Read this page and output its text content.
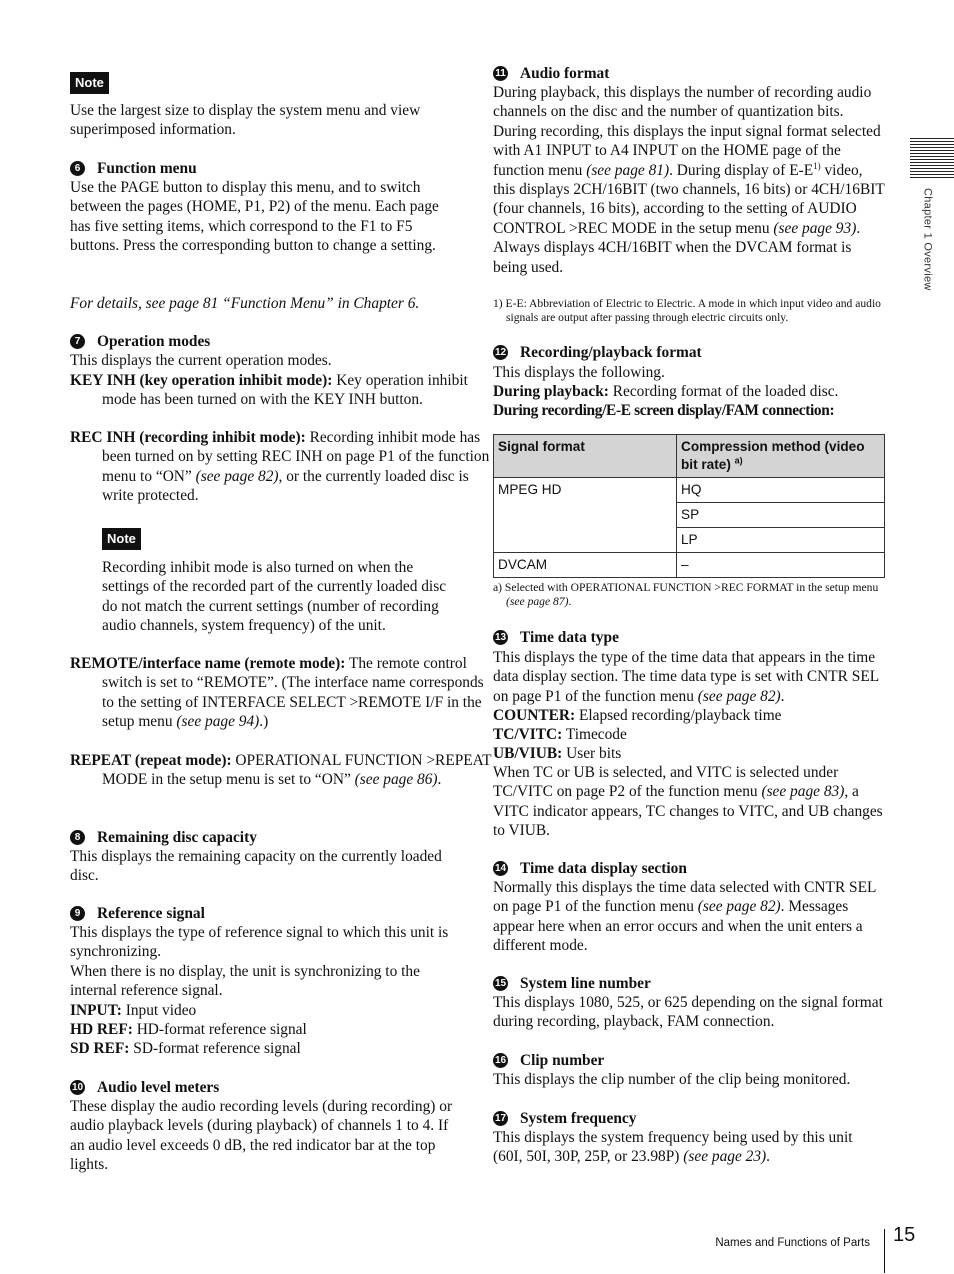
Chapter 1 Overview
Note

Use the largest size to display the system menu and view superimposed information.

6	Function menu

Use the PAGE button to display this menu, and to switch between the pages (HOME, P1, P2) of the menu. Each page has five setting items, which correspond to the F1 to F5 buttons. Press the corresponding button to change a setting.

For details, see page 81 “Function Menu” in Chapter 6.

7	Operation modes

This displays the current operation modes.

KEY INH (key operation inhibit mode): Key operation inhibit mode has been turned on with the KEY INH button.

REC INH (recording inhibit mode): Recording inhibit mode has been turned on by setting REC INH on page P1 of the function menu to “ON” (see page 82), or the currently loaded disc is write protected.

Note

Recording inhibit mode is also turned on when the settings of the recorded part of the currently loaded disc do not match the current settings (number of recording audio channels, system frequency) of the unit.

REMOTE/interface name (remote mode): The remote control switch is set to “REMOTE”. (The interface name corresponds to the setting of INTERFACE SELECT >REMOTE I/F in the setup menu (see page 94).)

REPEAT (repeat mode): OPERATIONAL FUNCTION >REPEAT MODE in the setup menu is set to “ON” (see page 86).

8	Remaining disc capacity

This displays the remaining capacity on the currently loaded disc.

9	Reference signal

This displays the type of reference signal to which this unit is synchronizing.

When there is no display, the unit is synchronizing to the internal reference signal.

INPUT: Input video

HD REF: HD-format reference signal

SD REF: SD-format reference signal

10 Audio level meters

These display the audio recording levels (during recording) or audio playback levels (during playback) of channels 1 to 4. If an audio level exceeds 0 dB, the red indicator bar at the top lights.

11 Audio format

During playback, this displays the number of recording audio channels on the disc and the number of quantization bits. During recording, this displays the input signal format selected with A1 INPUT to A4 INPUT on the HOME page of the function menu (see page 81). During display of $E-E^{1)}$ video, this displays 2CH/16BIT (two channels, 16 bits) or 4CH/16BIT (four channels, 16 bits), according to the setting of AUDIO CONTROL >REC MODE in the setup menu (see page 93). Always displays 4CH/16BIT when the DVCAM format is being used.

1) E-E: Abbreviation of Electric to Electric. A mode in which input video and audio signals are output after passing through electric circuits only.

12 Recording/playback format

This displays the following.

During playback: Recording format of the loaded disc.

During recording/E-E screen display/FAM connection:

Signal format	Compression method (video bit rate) $^{a)}$
MPEG HD	HQ
	SP
	LP
DVCAM	–

a) Selected with OPERATIONAL FUNCTION >REC FORMAT in the setup menu (see page 87).

13 Time data type

This displays the type of the time data that appears in the time data display section. The time data type is set with CNTR SEL on page P1 of the function menu (see page 82).

COUNTER: Elapsed recording/playback time

TC/VITC: Timecode

UB/VIUB: User bits

When TC or UB is selected, and VITC is selected under TC/VITC on page P2 of the function menu (see page 83), a VITC indicator appears, TC changes to VITC, and UB changes to VIUB.

14 Time data display section

Normally this displays the time data selected with CNTR SEL on page P1 of the function menu (see page 82). Messages appear here when an error occurs and when the unit enters a different mode.

15 System line number

This displays 1080, 525, or 625 depending on the signal format during recording, playback, FAM connection.

16 Clip number

This displays the clip number of the clip being monitored.

17 System frequency

This displays the system frequency being used by this unit (60I, 50I, 30P, 25P, or 23.98P) (see page 23).

Names and Functions of Parts 15
